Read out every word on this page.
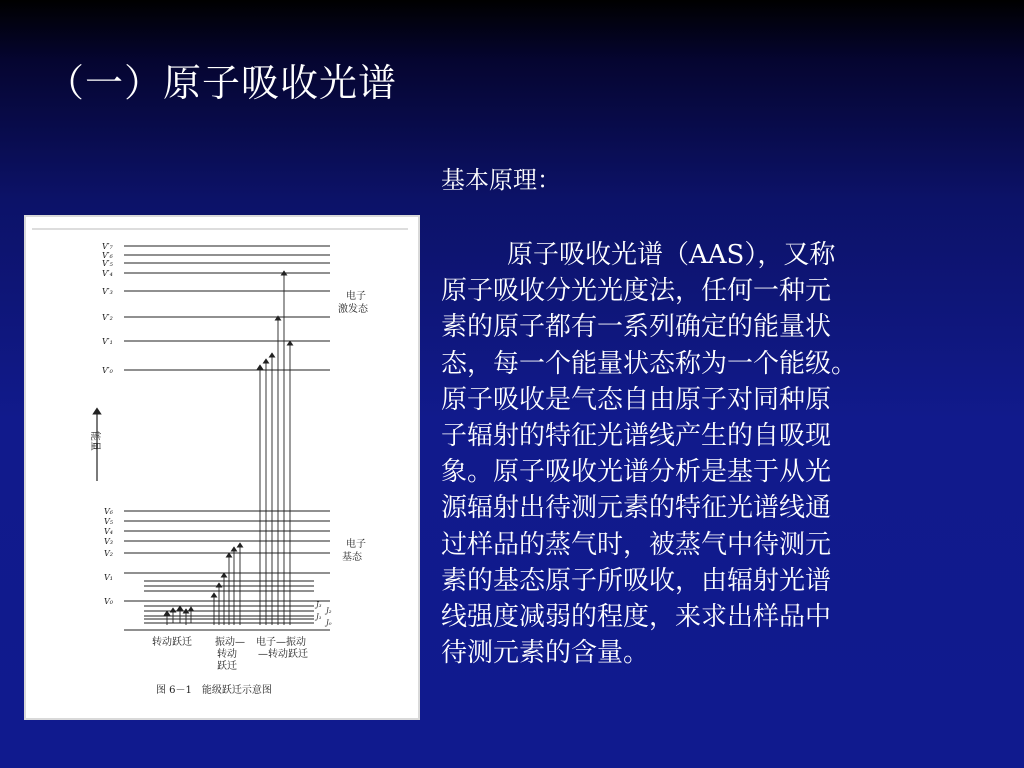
（一）原子吸收光谱
基本原理：
原子吸收光谱（AAS），又称
原子吸收分光光度法，任何一种元
素的原子都有一系列确定的能量状
态，每一个能量状态称为一个能级。
原子吸收是气态自由原子对同种原
子辐射的特征光谱线产生的自吸现
象。原子吸收光谱分析是基于从光
源辐射出待测元素的特征光谱线通
过样品的蒸气时，被蒸气中待测元
素的基态原子所吸收，由辐射光谱
线强度减弱的程度，来求出样品中
待测元素的含量。
V′₇
V′₆
V′₅
V′₄
V′₃
V′₂
V′₁
V′₀
V₆
V₅
V₄
V₃
V₂
V₁
V₀	J₃
J₂
J₁
J₀
能量
电子
激发态
电子
基态
转动跃迁 振动—
转动
跃迁
电子—振动
—转动跃迁
图 6－1　能级跃迁示意图
